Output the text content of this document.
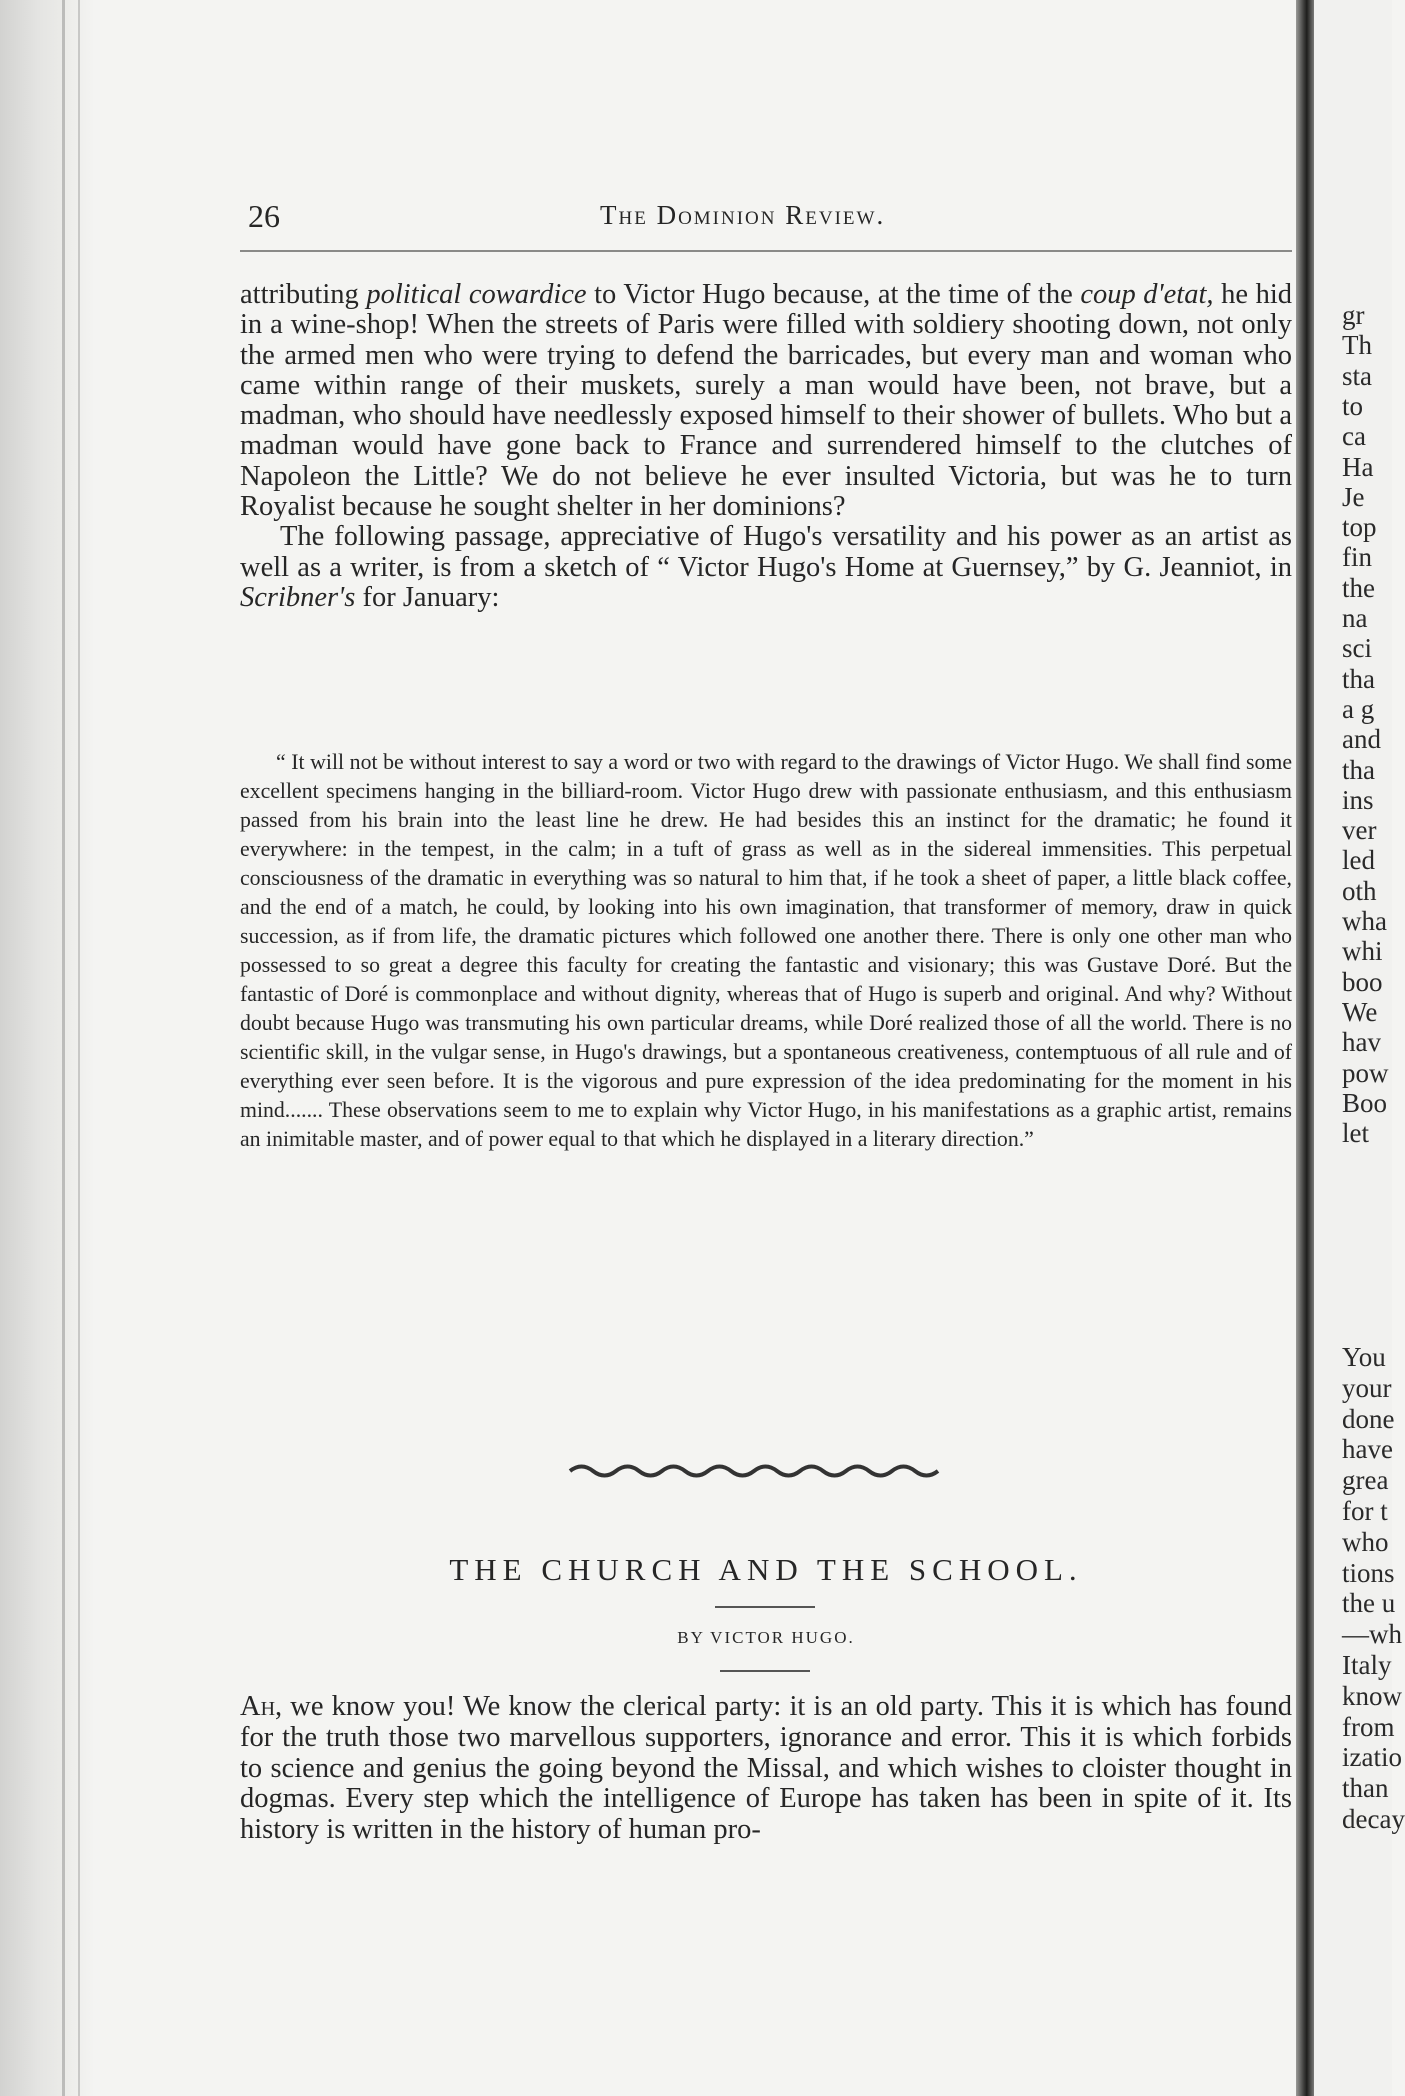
gr
Th
sta
to
ca
Ha
Je
top
fin
the
na
sci
tha
a g
and
tha
ins
ver
led
oth
wha
whi
boo
We
hav
pow
Boo
let
You
your
done
have
grea
for t
who
tions
the u
—wh
Italy
know
from
izatio
than
decay
26	The Dominion Review.

attributing political cowardice to Victor Hugo because, at the time of the coup d'etat, he hid in a wine-shop! When the streets of Paris were filled with soldiery shooting down, not only the armed men who were trying to defend the barricades, but every man and woman who came within range of their muskets, surely a man would have been, not brave, but a madman, who should have needlessly exposed himself to their shower of bullets. Who but a madman would have gone back to France and surrendered himself to the clutches of Napoleon the Little? We do not believe he ever insulted Victoria, but was he to turn Royalist because he sought shelter in her dominions?

The following passage, appreciative of Hugo's versatility and his power as an artist as well as a writer, is from a sketch of “ Victor Hugo's Home at Guernsey,” by G. Jeanniot, in Scribner's for January:

“ It will not be without interest to say a word or two with regard to the drawings of Victor Hugo. We shall find some excellent specimens hanging in the billiard-room. Victor Hugo drew with passionate enthusiasm, and this enthusiasm passed from his brain into the least line he drew. He had besides this an instinct for the dramatic; he found it everywhere: in the tempest, in the calm; in a tuft of grass as well as in the sidereal immensities. This perpetual consciousness of the dramatic in everything was so natural to him that, if he took a sheet of paper, a little black coffee, and the end of a match, he could, by looking into his own imagination, that transformer of memory, draw in quick succession, as if from life, the dramatic pictures which followed one another there. There is only one other man who possessed to so great a degree this faculty for creating the fantastic and visionary; this was Gustave Doré. But the fantastic of Doré is commonplace and without dignity, whereas that of Hugo is superb and original. And why? Without doubt because Hugo was transmuting his own particular dreams, while Doré realized those of all the world. There is no scientific skill, in the vulgar sense, in Hugo's drawings, but a spontaneous creativeness, contemptuous of all rule and of everything ever seen before. It is the vigorous and pure expression of the idea predominating for the moment in his mind....... These observations seem to me to explain why Victor Hugo, in his manifestations as a graphic artist, remains an inimitable master, and of power equal to that which he displayed in a literary direction.”

THE CHURCH AND THE SCHOOL.
BY VICTOR HUGO.

Ah, we know you! We know the clerical party: it is an old party. This it is which has found for the truth those two marvellous supporters, ignorance and error. This it is which forbids to science and genius the going beyond the Missal, and which wishes to cloister thought in dogmas. Every step which the intelligence of Europe has taken has been in spite of it. Its history is written in the history of human pro-
